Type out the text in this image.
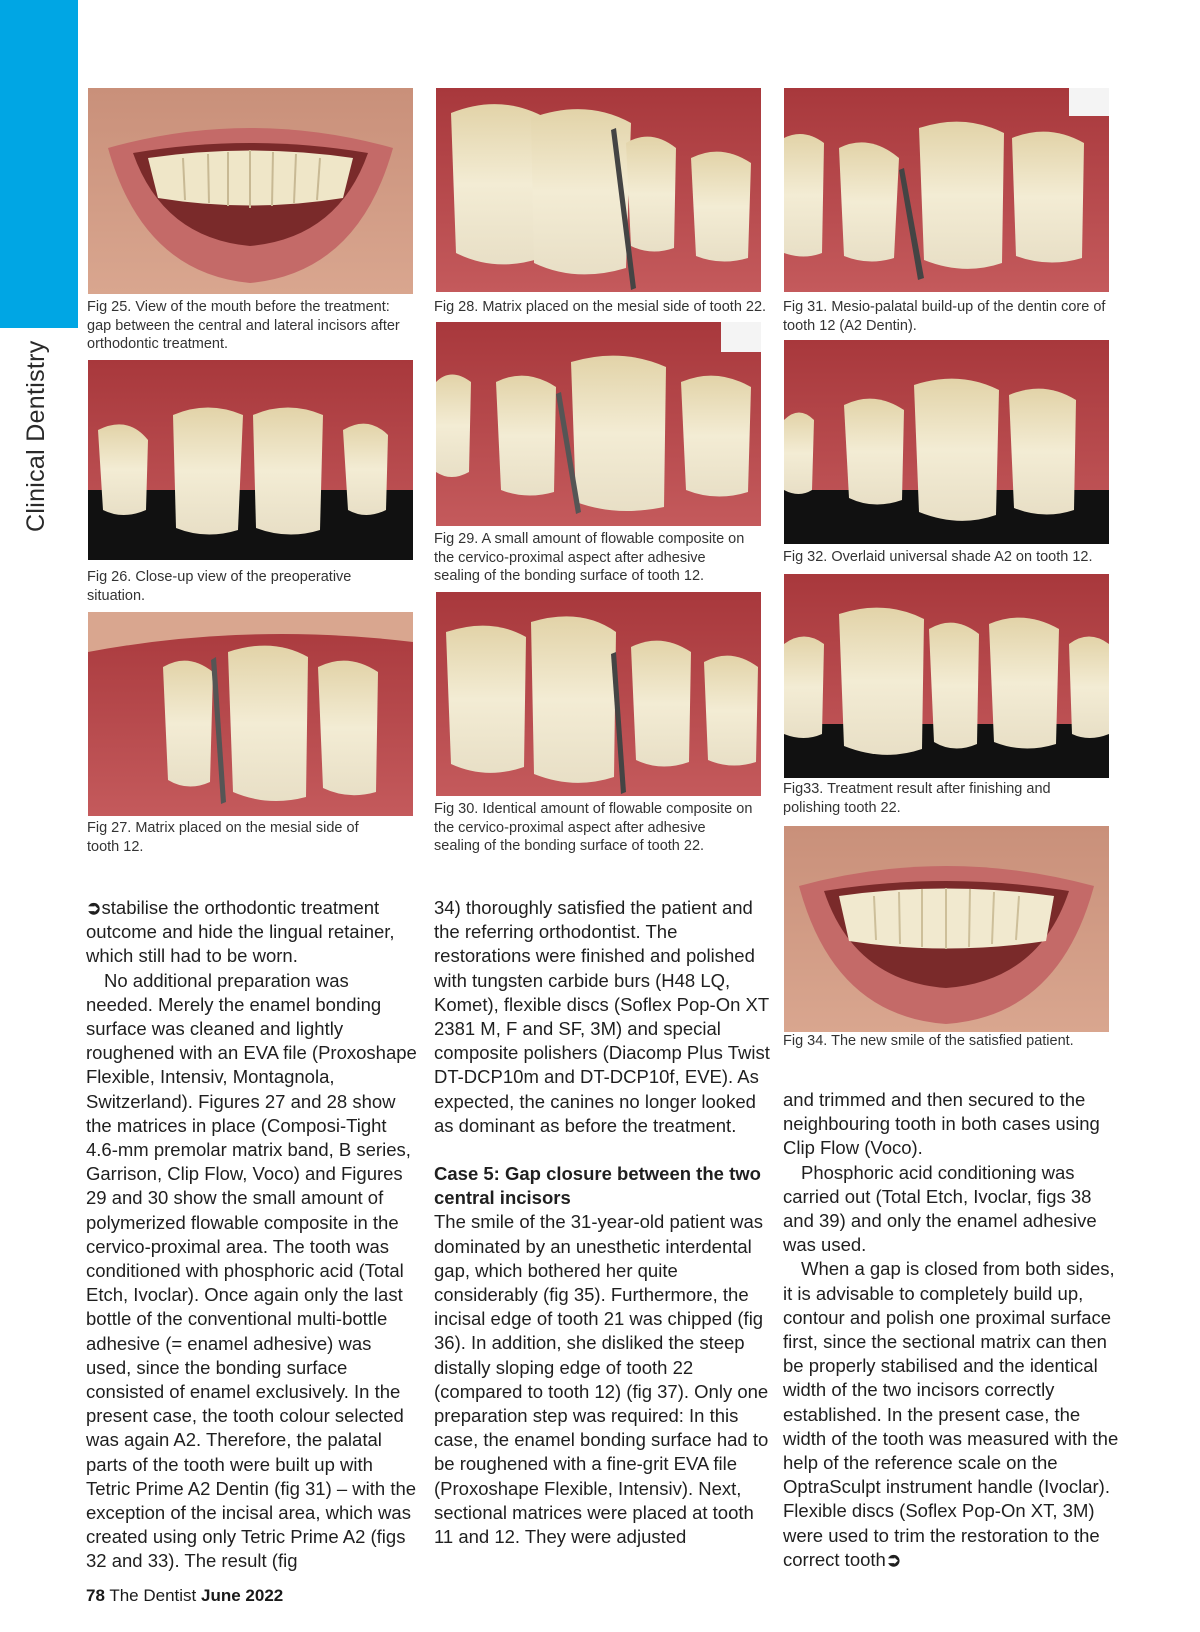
Clinical Dentistry
Fig 25. View of the mouth before the treatment: gap between the central and lateral incisors after orthodontic treatment.
Fig 26. Close-up view of the preoperative situation.
Fig 27. Matrix placed on the mesial side of tooth 12.
Fig 28. Matrix placed on the mesial side of tooth 22.
Fig 29. A small amount of flowable composite on the cervico-proximal aspect after adhesive sealing of the bonding surface of tooth 12.
Fig 30. Identical amount of flowable composite on the cervico-proximal aspect after adhesive sealing of the bonding surface of tooth 22.
Fig 31. Mesio-palatal build-up of the dentin core of tooth 12 (A2 Dentin).
Fig 32. Overlaid universal shade A2 on tooth 12.
Fig33. Treatment result after finishing and polishing tooth 22.
Fig 34. The new smile of the satisfied patient.

➲stabilise the orthodontic treatment outcome and hide the lingual retainer, which still had to be worn.

No additional preparation was needed. Merely the enamel bonding surface was cleaned and lightly roughened with an EVA file (Proxoshape Flexible, Intensiv, Montagnola, Switzerland). Figures 27 and 28 show the matrices in place (Composi-Tight 4.6-mm premolar matrix band, B series, Garrison, Clip Flow, Voco) and Figures 29 and 30 show the small amount of polymerized flowable composite in the cervico-proximal area. The tooth was conditioned with phosphoric acid (Total Etch, Ivoclar). Once again only the last bottle of the conventional multi-bottle adhesive (= enamel adhesive) was used, since the bonding surface consisted of enamel exclusively. In the present case, the tooth colour selected was again A2. Therefore, the palatal parts of the tooth were built up with Tetric Prime A2 Dentin (fig 31) – with the exception of the incisal area, which was created using only Tetric Prime A2 (figs 32 and 33). The result (fig

34) thoroughly satisfied the patient and the referring orthodontist. The restorations were finished and polished with tungsten carbide burs (H48 LQ, Komet), flexible discs (Soflex Pop-On XT 2381 M, F and SF, 3M) and special composite polishers (Diacomp Plus Twist DT-DCP10m and DT-DCP10f, EVE). As expected, the canines no longer looked as dominant as before the treatment.

Case 5: Gap closure between the two central incisors

The smile of the 31-year-old patient was dominated by an unesthetic interdental gap, which bothered her quite considerably (fig 35). Furthermore, the incisal edge of tooth 21 was chipped (fig 36). In addition, she disliked the steep distally sloping edge of tooth 22 (compared to tooth 12) (fig 37). Only one preparation step was required: In this case, the enamel bonding surface had to be roughened with a fine-grit EVA file (Proxoshape Flexible, Intensiv). Next, sectional matrices were placed at tooth 11 and 12. They were adjusted

and trimmed and then secured to the neighbouring tooth in both cases using Clip Flow (Voco).

Phosphoric acid conditioning was carried out (Total Etch, Ivoclar, figs 38 and 39) and only the enamel adhesive was used.

When a gap is closed from both sides, it is advisable to completely build up, contour and polish one proximal surface first, since the sectional matrix can then be properly stabilised and the identical width of the two incisors correctly established. In the present case, the width of the tooth was measured with the help of the reference scale on the OptraSculpt instrument handle (Ivoclar). Flexible discs (Soflex Pop-On XT, 3M) were used to trim the restoration to the correct tooth➲

78 The Dentist June 2022
